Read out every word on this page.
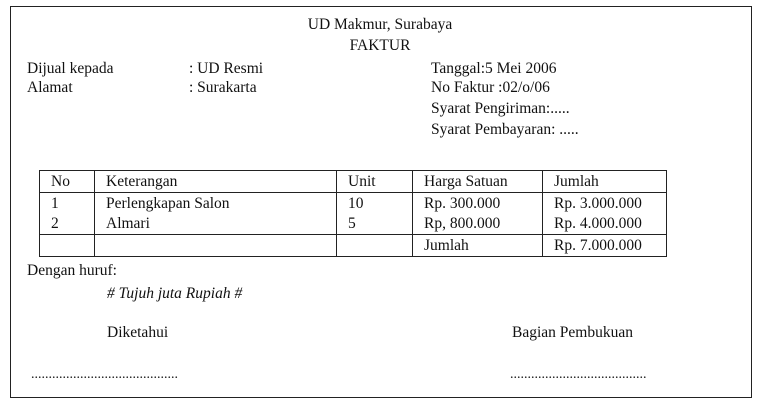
UD Makmur, Surabaya
FAKTUR
Dijual kepada	: UD Resmi
Alamat	: Surakarta
Tanggal:5 Mei 2006
No Faktur :02/o/06
Syarat Pengiriman:.....
Syarat Pembayaran: .....
No	Keterangan	Unit	Harga Satuan	Jumlah
1	Perlengkapan Salon	10	Rp. 300.000	Rp. 3.000.000
2	Almari	5	Rp, 800.000	Rp. 4.000.000
			Jumlah	Rp. 7.000.000
Dengan huruf:
# Tujuh juta Rupiah #
Diketahui	Bagian Pembukuan
..........................................	.......................................
